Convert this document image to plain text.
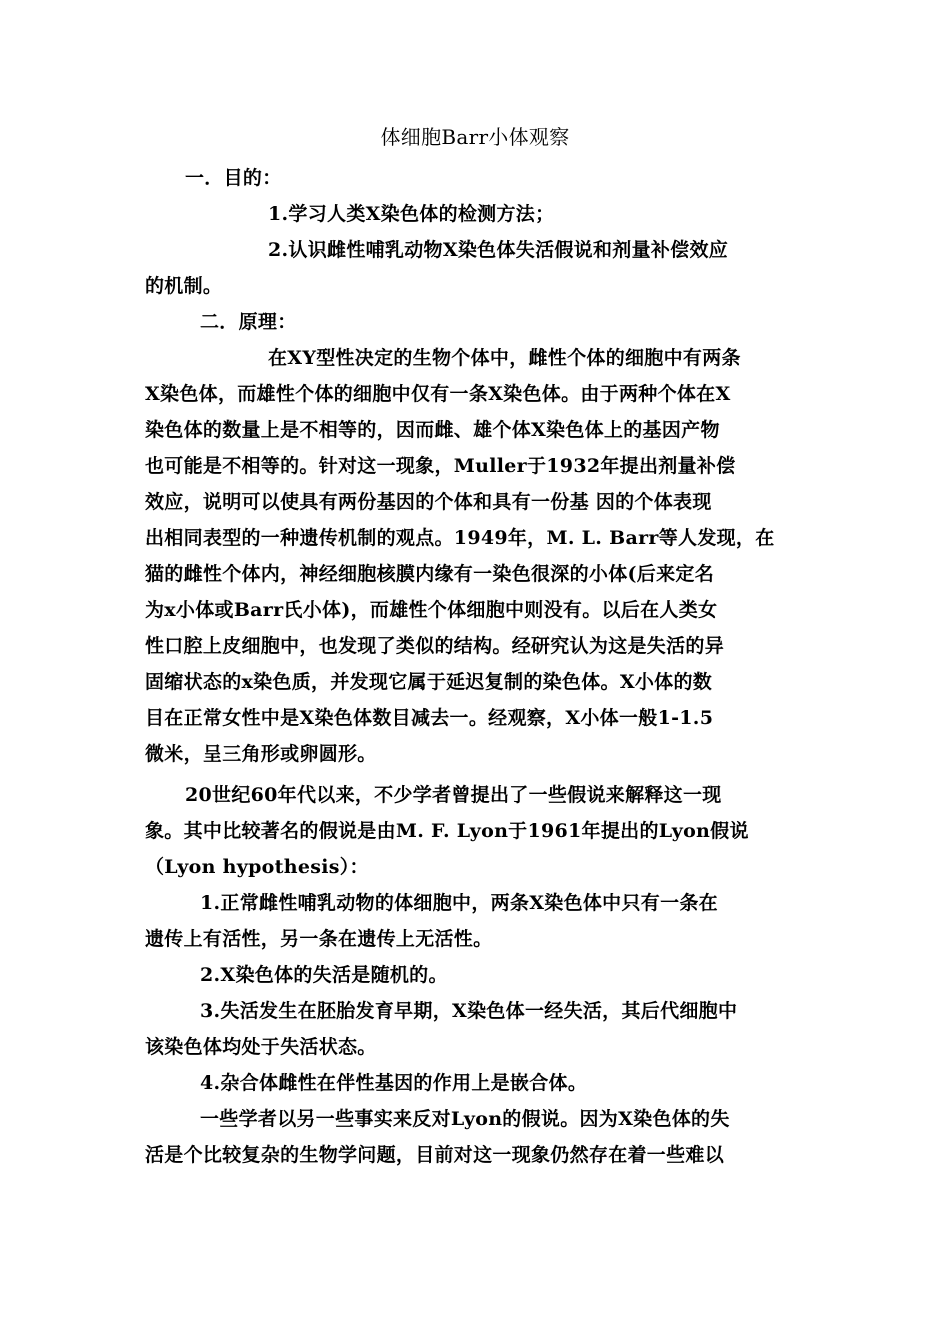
体细胞Barr小体观察
一．目的：
1.学习人类X染色体的检测方法；
2.认识雌性哺乳动物X染色体失活假说和剂量补偿效应
的机制。
二．原理：
在XY型性决定的生物个体中，雌性个体的细胞中有两条
X染色体，而雄性个体的细胞中仅有一条X染色体。由于两种个体在X
染色体的数量上是不相等的，因而雌、雄个体X染色体上的基因产物
也可能是不相等的。针对这一现象，Muller于1932年提出剂量补偿
效应，说明可以使具有两份基因的个体和具有一份基 因的个体表现
出相同表型的一种遗传机制的观点。1949年，M. L. Barr等人发现，在
猫的雌性个体内，神经细胞核膜内缘有一染色很深的小体(后来定名
为x小体或Barr氏小体)，而雄性个体细胞中则没有。以后在人类女
性口腔上皮细胞中，也发现了类似的结构。经研究认为这是失活的异
固缩状态的x染色质，并发现它属于延迟复制的染色体。X小体的数
目在正常女性中是X染色体数目减去一。经观察，X小体一般1-1.5
微米，呈三角形或卵圆形。
20世纪60年代以来，不少学者曾提出了一些假说来解释这一现
象。其中比较著名的假说是由M. F. Lyon于1961年提出的Lyon假说
（Lyon hypothesis）：
1.正常雌性哺乳动物的体细胞中，两条X染色体中只有一条在
遗传上有活性，另一条在遗传上无活性。
2.X染色体的失活是随机的。
3.失活发生在胚胎发育早期，X染色体一经失活，其后代细胞中
该染色体均处于失活状态。
4.杂合体雌性在伴性基因的作用上是嵌合体。
一些学者以另一些事实来反对Lyon的假说。因为X染色体的失
活是个比较复杂的生物学问题，目前对这一现象仍然存在着一些难以
